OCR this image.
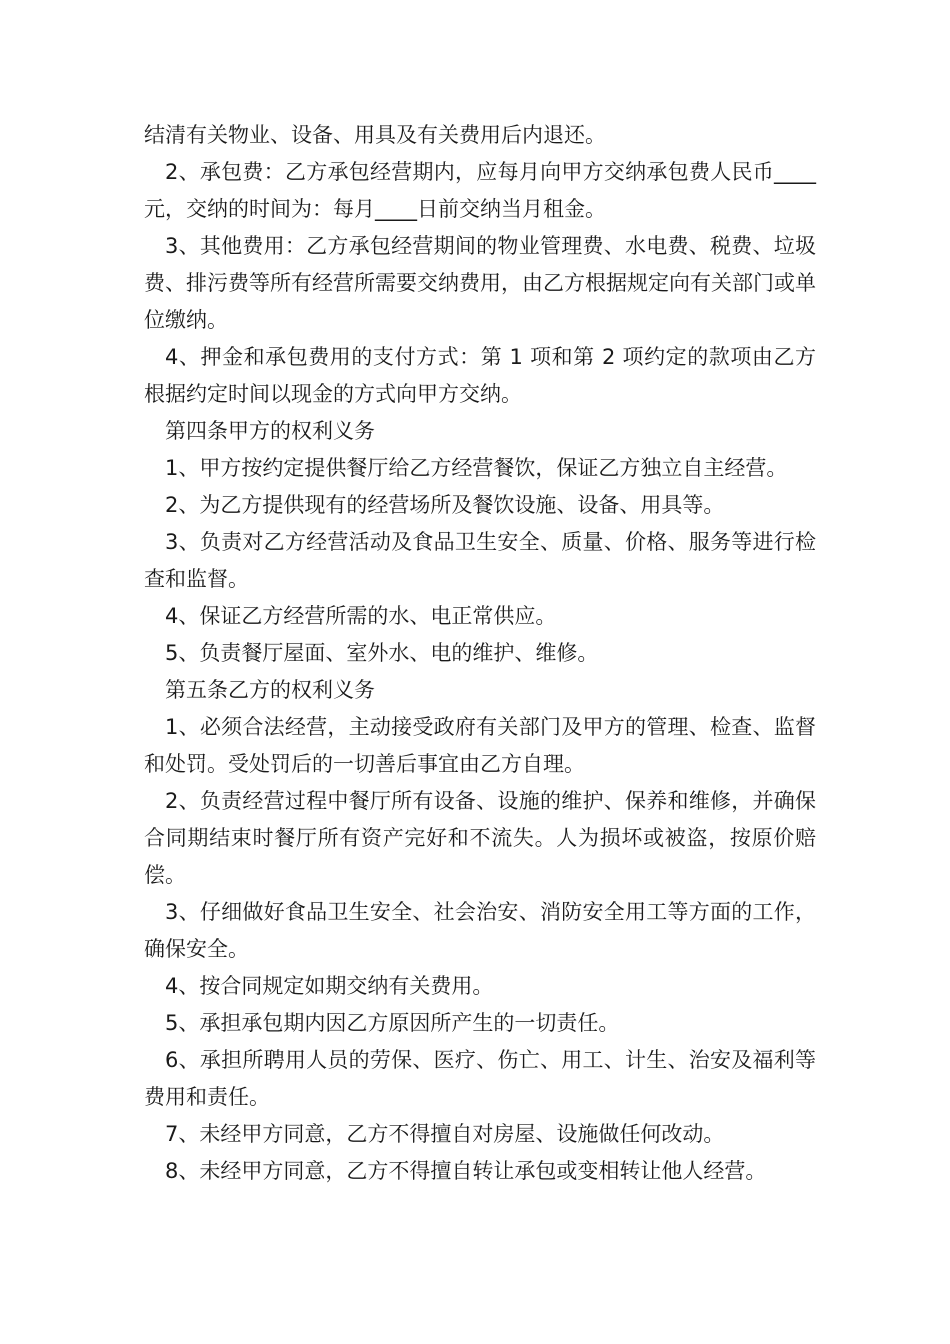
结清有关物业、设备、用具及有关费用后内退还。

2、承包费：乙方承包经营期内，应每月向甲方交纳承包费人民币____元，交纳的时间为：每月____日前交纳当月租金。

3、其他费用：乙方承包经营期间的物业管理费、水电费、税费、垃圾费、排污费等所有经营所需要交纳费用，由乙方根据规定向有关部门或单位缴纳。

4、押金和承包费用的支付方式：第 1 项和第 2 项约定的款项由乙方根据约定时间以现金的方式向甲方交纳。

第四条甲方的权利义务

1、甲方按约定提供餐厅给乙方经营餐饮，保证乙方独立自主经营。

2、为乙方提供现有的经营场所及餐饮设施、设备、用具等。

3、负责对乙方经营活动及食品卫生安全、质量、价格、服务等进行检查和监督。

4、保证乙方经营所需的水、电正常供应。

5、负责餐厅屋面、室外水、电的维护、维修。

第五条乙方的权利义务

1、必须合法经营，主动接受政府有关部门及甲方的管理、检查、监督和处罚。受处罚后的一切善后事宜由乙方自理。

2、负责经营过程中餐厅所有设备、设施的维护、保养和维修，并确保合同期结束时餐厅所有资产完好和不流失。人为损坏或被盗，按原价赔偿。

3、仔细做好食品卫生安全、社会治安、消防安全用工等方面的工作，确保安全。

4、按合同规定如期交纳有关费用。

5、承担承包期内因乙方原因所产生的一切责任。

6、承担所聘用人员的劳保、医疗、伤亡、用工、计生、治安及福利等费用和责任。

7、未经甲方同意，乙方不得擅自对房屋、设施做任何改动。

8、未经甲方同意，乙方不得擅自转让承包或变相转让他人经营。
